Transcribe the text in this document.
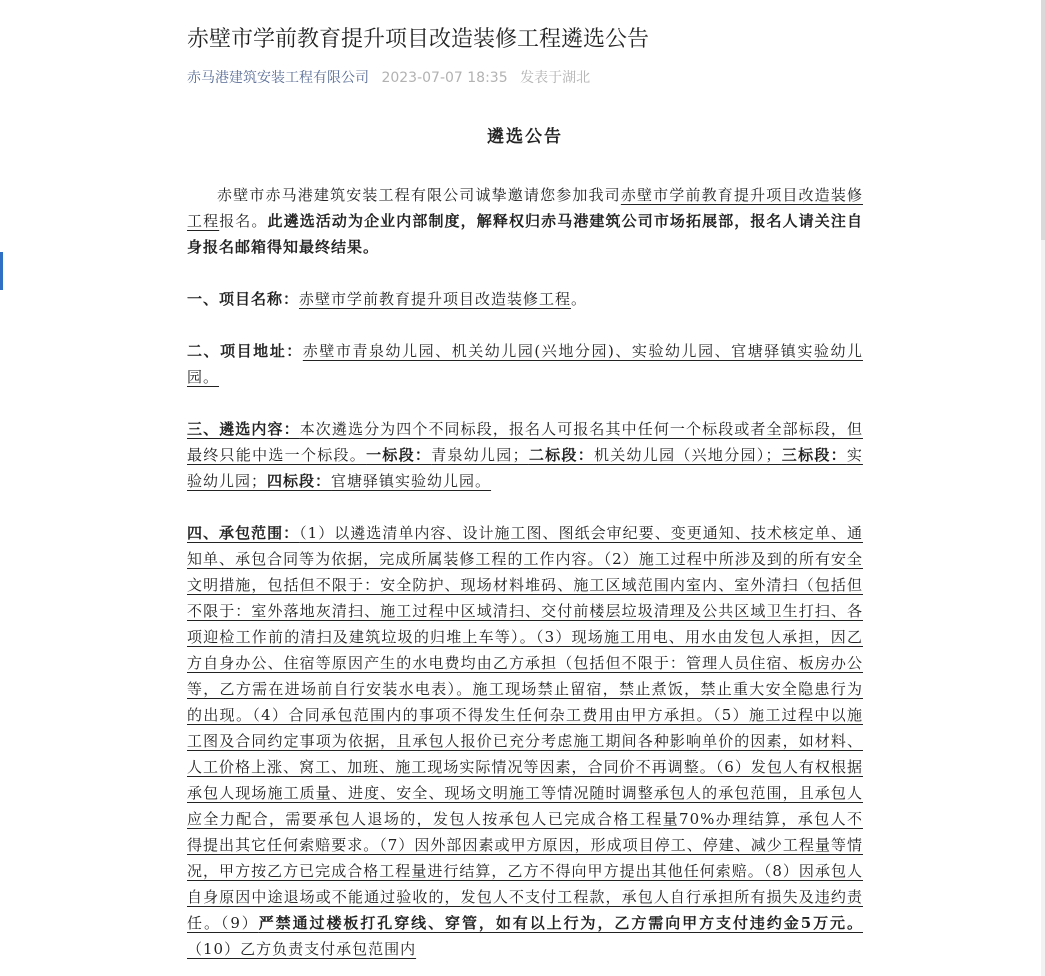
赤壁市学前教育提升项目改造装修工程遴选公告
赤马港建筑安装工程有限公司 2023-07-07 18:35 发表于湖北
遴选公告

赤壁市赤马港建筑安装工程有限公司诚挚邀请您参加我司赤壁市学前教育提升项目改造装修工程报名。此遴选活动为企业内部制度，解释权归赤马港建筑公司市场拓展部，报名人请关注自身报名邮箱得知最终结果。

一、项目名称：赤壁市学前教育提升项目改造装修工程。

二、项目地址：赤壁市青泉幼儿园、机关幼儿园(兴地分园)、实验幼儿园、官塘驿镇实验幼儿园。

三、遴选内容：本次遴选分为四个不同标段，报名人可报名其中任何一个标段或者全部标段，但最终只能中选一个标段。一标段：青泉幼儿园；二标段：机关幼儿园（兴地分园）；三标段：实验幼儿园；四标段：官塘驿镇实验幼儿园。

四、承包范围：（1）以遴选清单内容、设计施工图、图纸会审纪要、变更通知、技术核定单、通知单、承包合同等为依据，完成所属装修工程的工作内容。（2）施工过程中所涉及到的所有安全文明措施，包括但不限于：安全防护、现场材料堆码、施工区域范围内室内、室外清扫（包括但不限于：室外落地灰清扫、施工过程中区域清扫、交付前楼层垃圾清理及公共区域卫生打扫、各项迎检工作前的清扫及建筑垃圾的归堆上车等）。（3）现场施工用电、用水由发包人承担，因乙方自身办公、住宿等原因产生的水电费均由乙方承担（包括但不限于：管理人员住宿、板房办公等，乙方需在进场前自行安装水电表）。施工现场禁止留宿，禁止煮饭，禁止重大安全隐患行为的出现。（4）合同承包范围内的事项不得发生任何杂工费用由甲方承担。（5）施工过程中以施工图及合同约定事项为依据，且承包人报价已充分考虑施工期间各种影响单价的因素，如材料、人工价格上涨、窝工、加班、施工现场实际情况等因素，合同价不再调整。（6）发包人有权根据承包人现场施工质量、进度、安全、现场文明施工等情况随时调整承包人的承包范围，且承包人应全力配合，需要承包人退场的，发包人按承包人已完成合格工程量70%办理结算，承包人不得提出其它任何索赔要求。（7）因外部因素或甲方原因，形成项目停工、停建、减少工程量等情况，甲方按乙方已完成合格工程量进行结算，乙方不得向甲方提出其他任何索赔。（8）因承包人自身原因中途退场或不能通过验收的，发包人不支付工程款，承包人自行承担所有损失及违约责任。（9）严禁通过楼板打孔穿线、穿管，如有以上行为，乙方需向甲方支付违约金5万元。（10）乙方负责支付承包范围内
